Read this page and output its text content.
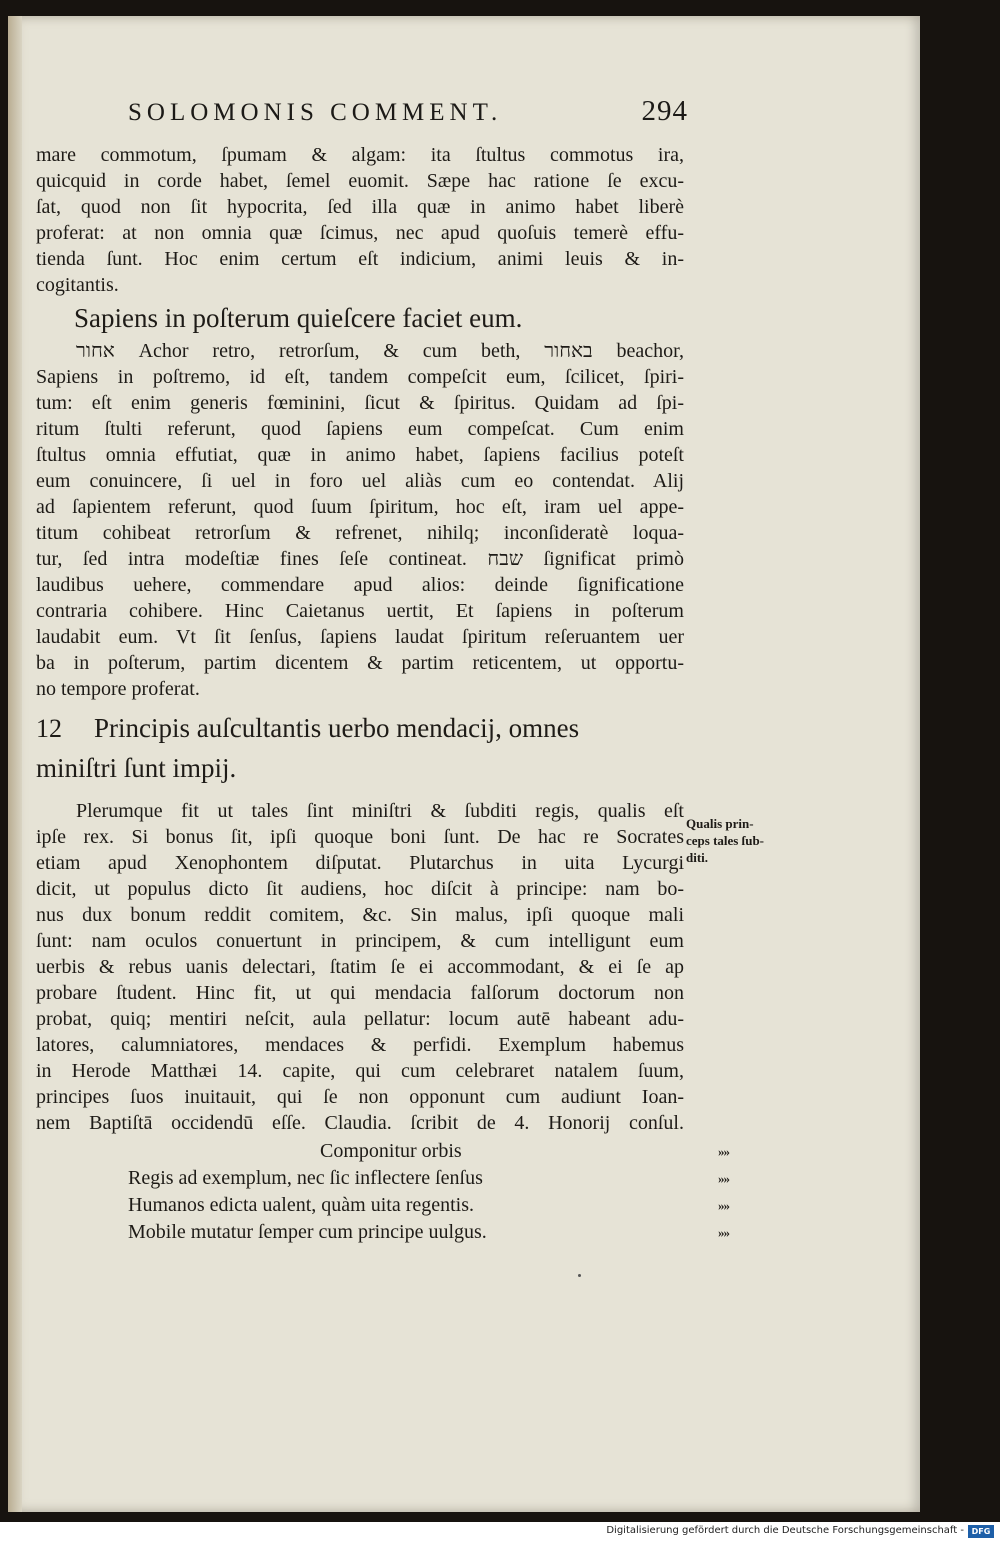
SOLOMONIS COMMENT.	294
mare commotum, ſpumam & algam: ita ſtultus commotus ira,
quicquid in corde habet, ſemel euomit. Sæpe hac ratione ſe excu-
ſat, quod non ſit hypocrita, ſed illa quæ in animo habet liberè
proferat: at non omnia quæ ſcimus, nec apud quoſuis temerè effu-
tienda ſunt. Hoc enim certum eſt indicium, animi leuis & in-
cogitantis.
Sapiens in poſterum quieſcere faciet eum.
אחור Achor retro, retrorſum, & cum beth, באחור beachor,
Sapiens in poſtremo, id eſt, tandem compeſcit eum, ſcilicet, ſpiri-
tum: eſt enim generis fœminini, ſicut & ſpiritus. Quidam ad ſpi-
ritum ſtulti referunt, quod ſapiens eum compeſcat. Cum enim
ſtultus omnia effutiat, quæ in animo habet, ſapiens facilius poteſt
eum conuincere, ſi uel in foro uel aliàs cum eo contendat. Alij
ad ſapientem referunt, quod ſuum ſpiritum, hoc eſt, iram uel appe-
titum cohibeat retrorſum & refrenet, nihilq; inconſideratè loqua-
tur, ſed intra modeſtiæ fines ſeſe contineat. שבח ſignificat primò
laudibus uehere, commendare apud alios: deinde ſignificatione
contraria cohibere. Hinc Caietanus uertit, Et ſapiens in poſterum
laudabit eum. Vt ſit ſenſus, ſapiens laudat ſpiritum reſeruantem uer
ba in poſterum, partim dicentem & partim reticentem, ut opportu-
no tempore proferat.
12 Principis auſcultantis uerbo mendacij, omnes
miniſtri ſunt impij.
Plerumque fit ut tales ſint miniſtri & ſubditi regis, qualis eſt
ipſe rex. Si bonus ſit, ipſi quoque boni ſunt. De hac re Socrates
etiam apud Xenophontem diſputat. Plutarchus in uita Lycurgi
dicit, ut populus dicto ſit audiens, hoc diſcit à principe: nam bo-
nus dux bonum reddit comitem, &c. Sin malus, ipſi quoque mali
ſunt: nam oculos conuertunt in principem, & cum intelligunt eum
uerbis & rebus uanis delectari, ſtatim ſe ei accommodant, & ei ſe ap
probare ſtudent. Hinc fit, ut qui mendacia falſorum doctorum non
probat, quiq; mentiri neſcit, aula pellatur: locum autē habeant adu-
latores, calumniatores, mendaces & perfidi. Exemplum habemus
in Herode Matthæi 14. capite, qui cum celebraret natalem ſuum,
principes ſuos inuitauit, qui ſe non opponunt cum audiunt Ioan-
nem Baptiſtā occidendū eſſe. Claudia. ſcribit de 4. Honorij conſul.
Componitur orbis	»»
Regis ad exemplum, nec ſic inflectere ſenſus	»»
Humanos edicta ualent, quàm uita regentis.	»»
Mobile mutatur ſemper cum principe uulgus.	»»
Qualis prin-
ceps tales ſub-
diti.
Digitalisierung gefördert durch die Deutsche Forschungsgemeinschaft - DFG
